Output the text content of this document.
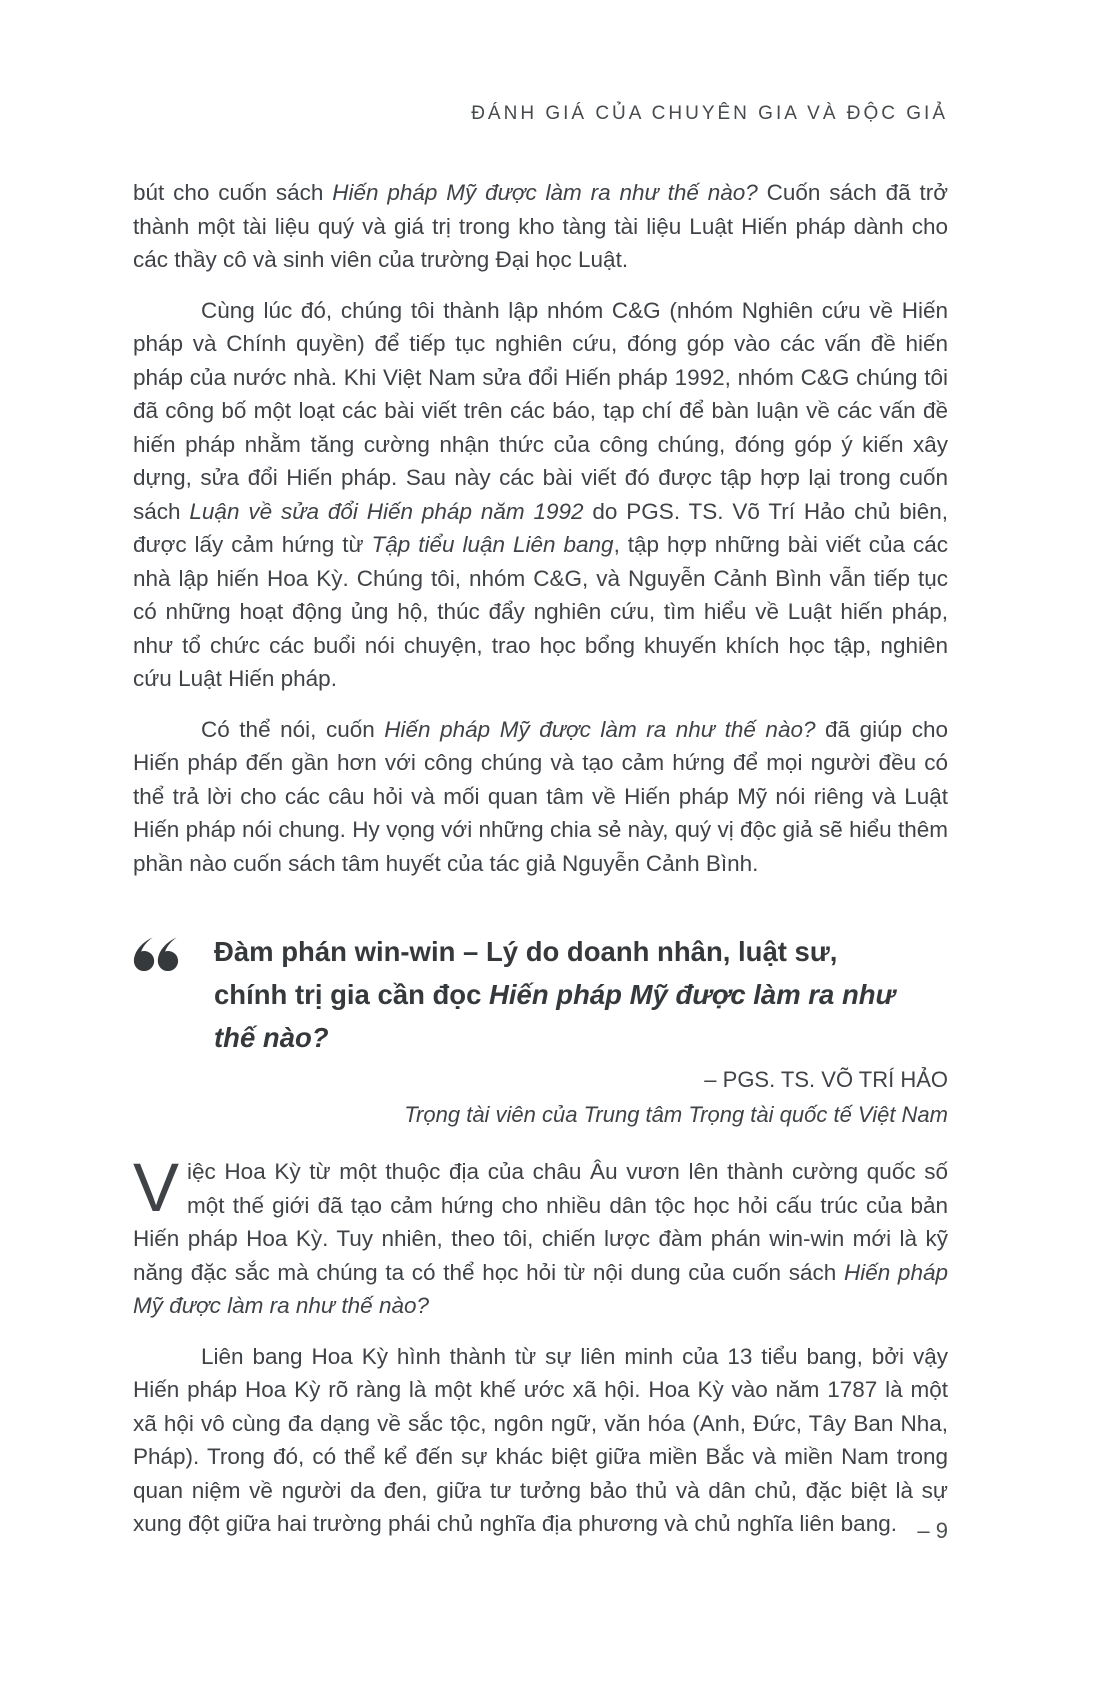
ĐÁNH GIÁ CỦA CHUYÊN GIA VÀ ĐỘC GIẢ

bút cho cuốn sách Hiến pháp Mỹ được làm ra như thế nào? Cuốn sách đã trở thành một tài liệu quý và giá trị trong kho tàng tài liệu Luật Hiến pháp dành cho các thầy cô và sinh viên của trường Đại học Luật.

Cùng lúc đó, chúng tôi thành lập nhóm C&G (nhóm Nghiên cứu về Hiến pháp và Chính quyền) để tiếp tục nghiên cứu, đóng góp vào các vấn đề hiến pháp của nước nhà. Khi Việt Nam sửa đổi Hiến pháp 1992, nhóm C&G chúng tôi đã công bố một loạt các bài viết trên các báo, tạp chí để bàn luận về các vấn đề hiến pháp nhằm tăng cường nhận thức của công chúng, đóng góp ý kiến xây dựng, sửa đổi Hiến pháp. Sau này các bài viết đó được tập hợp lại trong cuốn sách Luận về sửa đổi Hiến pháp năm 1992 do PGS. TS. Võ Trí Hảo chủ biên, được lấy cảm hứng từ Tập tiểu luận Liên bang, tập hợp những bài viết của các nhà lập hiến Hoa Kỳ. Chúng tôi, nhóm C&G, và Nguyễn Cảnh Bình vẫn tiếp tục có những hoạt động ủng hộ, thúc đẩy nghiên cứu, tìm hiểu về Luật hiến pháp, như tổ chức các buổi nói chuyện, trao học bổng khuyến khích học tập, nghiên cứu Luật Hiến pháp.

Có thể nói, cuốn Hiến pháp Mỹ được làm ra như thế nào? đã giúp cho Hiến pháp đến gần hơn với công chúng và tạo cảm hứng để mọi người đều có thể trả lời cho các câu hỏi và mối quan tâm về Hiến pháp Mỹ nói riêng và Luật Hiến pháp nói chung. Hy vọng với những chia sẻ này, quý vị độc giả sẽ hiểu thêm phần nào cuốn sách tâm huyết của tác giả Nguyễn Cảnh Bình.

Đàm phán win-win – Lý do doanh nhân, luật sư, chính trị gia cần đọc Hiến pháp Mỹ được làm ra như thế nào?
– PGS. TS. VÕ TRÍ HẢO
Trọng tài viên của Trung tâm Trọng tài quốc tế Việt Nam

Việc Hoa Kỳ từ một thuộc địa của châu Âu vươn lên thành cường quốc số một thế giới đã tạo cảm hứng cho nhiều dân tộc học hỏi cấu trúc của bản Hiến pháp Hoa Kỳ. Tuy nhiên, theo tôi, chiến lược đàm phán win-win mới là kỹ năng đặc sắc mà chúng ta có thể học hỏi từ nội dung của cuốn sách Hiến pháp Mỹ được làm ra như thế nào?

Liên bang Hoa Kỳ hình thành từ sự liên minh của 13 tiểu bang, bởi vậy Hiến pháp Hoa Kỳ rõ ràng là một khế ước xã hội. Hoa Kỳ vào năm 1787 là một xã hội vô cùng đa dạng về sắc tộc, ngôn ngữ, văn hóa (Anh, Đức, Tây Ban Nha, Pháp). Trong đó, có thể kể đến sự khác biệt giữa miền Bắc và miền Nam trong quan niệm về người da đen, giữa tư tưởng bảo thủ và dân chủ, đặc biệt là sự xung đột giữa hai trường phái chủ nghĩa địa phương và chủ nghĩa liên bang. – 9
